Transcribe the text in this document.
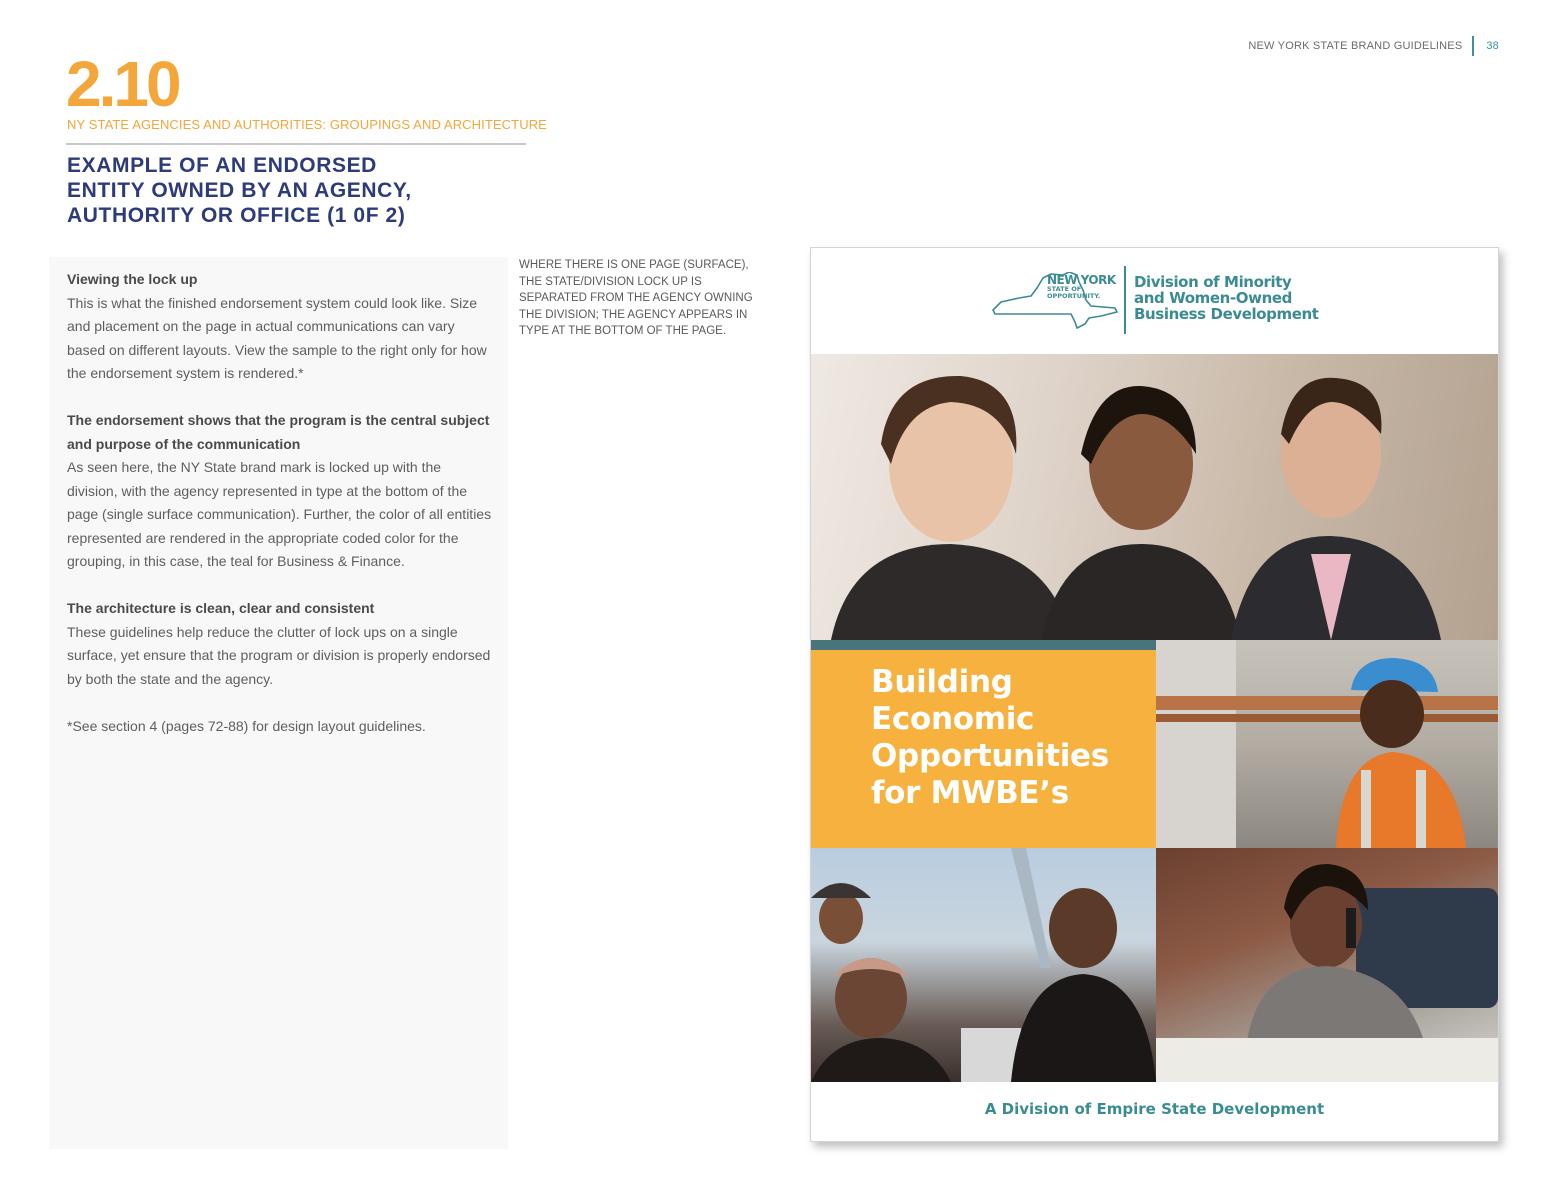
NEW YORK STATE BRAND GUIDELINES 38
2.10
NY STATE AGENCIES AND AUTHORITIES: GROUPINGS AND ARCHITECTURE
EXAMPLE OF AN ENDORSED
ENTITY OWNED BY AN AGENCY,
AUTHORITY OR OFFICE (1 0F 2)

Viewing the lock up
This is what the finished endorsement system could look like. Size and placement on the page in actual communications can vary based on different layouts. View the sample to the right only for how the endorsement system is rendered.*

The endorsement shows that the program is the central subject and purpose of the communication
As seen here, the NY State brand mark is locked up with the division, with the agency represented in type at the bottom of the page (single surface communication). Further, the color of all entities represented are rendered in the appropriate coded color for the grouping, in this case, the teal for Business & Finance.

The architecture is clean, clear and consistent
These guidelines help reduce the clutter of lock ups on a single surface, yet ensure that the program or division is properly endorsed by both the state and the agency.

*See section 4 (pages 72-88) for design layout guidelines.

WHERE THERE IS ONE PAGE (SURFACE), THE STATE/DIVISION LOCK UP IS SEPARATED FROM THE AGENCY OWNING THE DIVISION; THE AGENCY APPEARS IN TYPE AT THE BOTTOM OF THE PAGE.
NEW YORK
STATE OF
OPPORTUNITY.
Division of Minority
and Women-Owned
Business Development
Building
Economic
Opportunities
for MWBE’s
A Division of Empire State Development
